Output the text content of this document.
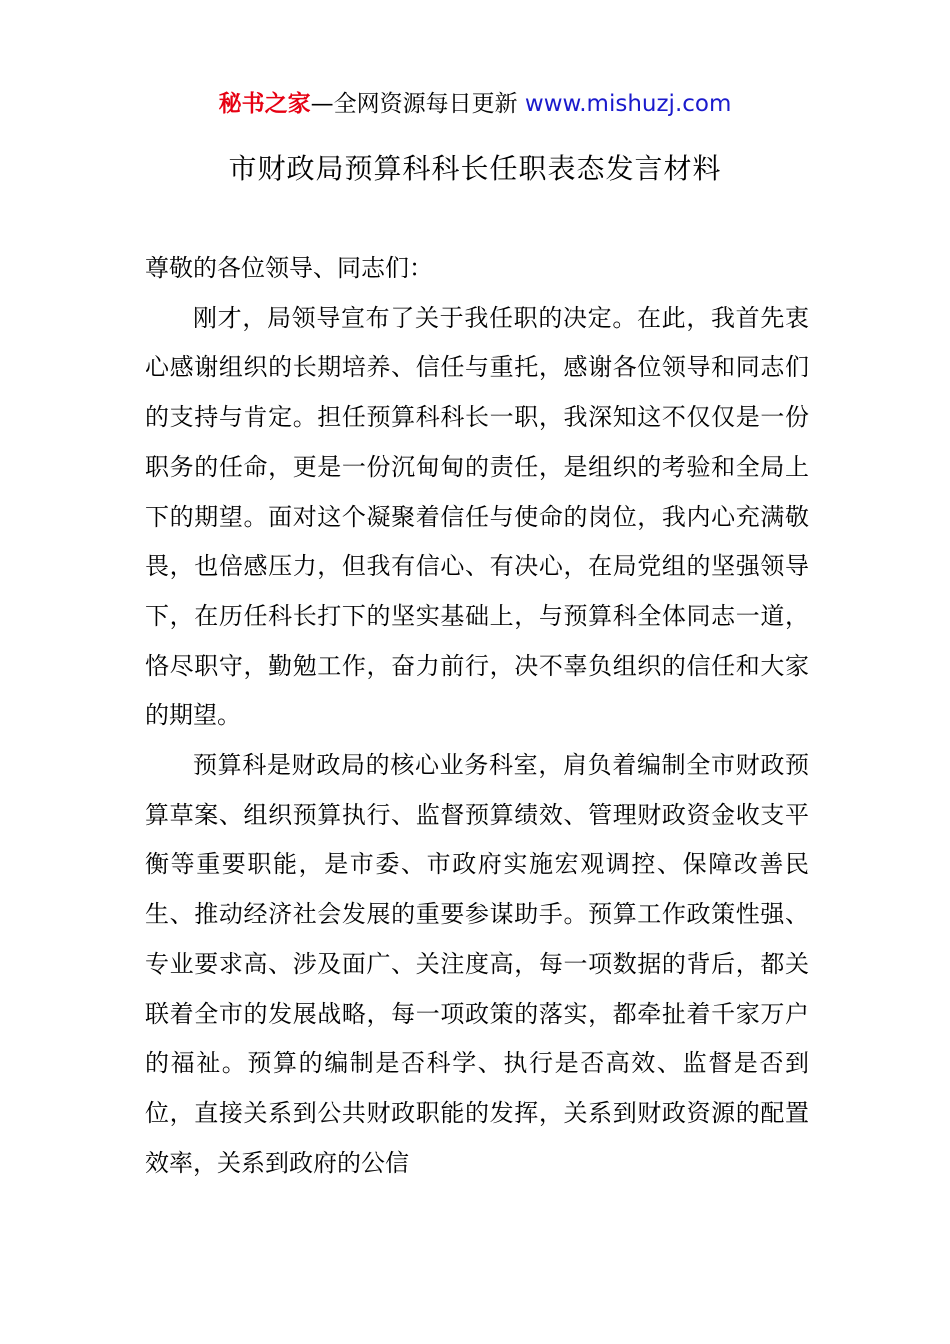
秘书之家—全网资源每日更新 www.mishuzj.com
市财政局预算科科长任职表态发言材料

尊敬的各位领导、同志们：

刚才，局领导宣布了关于我任职的决定。在此，我首先衷心感谢组织的长期培养、信任与重托，感谢各位领导和同志们的支持与肯定。担任预算科科长一职，我深知这不仅仅是一份职务的任命，更是一份沉甸甸的责任，是组织的考验和全局上下的期望。面对这个凝聚着信任与使命的岗位，我内心充满敬畏，也倍感压力，但我有信心、有决心，在局党组的坚强领导下，在历任科长打下的坚实基础上，与预算科全体同志一道，恪尽职守，勤勉工作，奋力前行，决不辜负组织的信任和大家的期望。

预算科是财政局的核心业务科室，肩负着编制全市财政预算草案、组织预算执行、监督预算绩效、管理财政资金收支平衡等重要职能，是市委、市政府实施宏观调控、保障改善民生、推动经济社会发展的重要参谋助手。预算工作政策性强、专业要求高、涉及面广、关注度高，每一项数据的背后，都关联着全市的发展战略，每一项政策的落实，都牵扯着千家万户的福祉。预算的编制是否科学、执行是否高效、监督是否到位，直接关系到公共财政职能的发挥，关系到财政资源的配置效率，关系到政府的公信
